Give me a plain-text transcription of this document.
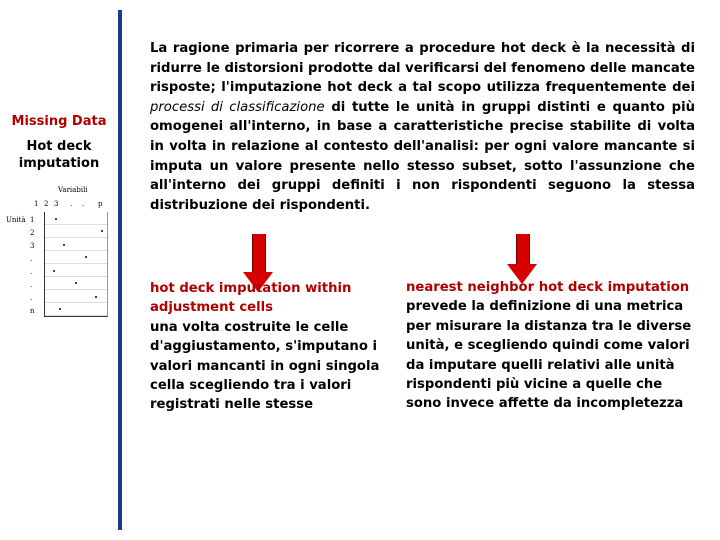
Missing Data
Hot deck
imputation
Variabili
1 2 3 . . p
Unità 1
2
3
.
.
.
.
n
La ragione primaria per ricorrere a procedure hot deck è la necessità di ridurre le distorsioni prodotte dal verificarsi del fenomeno delle mancate risposte; l'imputazione hot deck a tal scopo utilizza frequentemente dei processi di classificazione di tutte le unità in gruppi distinti e quanto più omogenei all'interno, in base a caratteristiche precise stabilite di volta in volta in relazione al contesto dell'analisi: per ogni valore mancante si imputa un valore presente nello stesso subset, sotto l'assunzione che all'interno dei gruppi definiti i non rispondenti seguono la stessa distribuzione dei rispondenti.
hot deck imputation within adjustment cells
una volta costruite le celle d'aggiustamento, s'imputano i valori mancanti in ogni singola cella scegliendo tra i valori registrati nelle stesse
nearest neighbor hot deck imputation
prevede la definizione di una metrica per misurare la distanza tra le diverse unità, e scegliendo quindi come valori da imputare quelli relativi alle unità rispondenti più vicine a quelle che sono invece affette da incompletezza
